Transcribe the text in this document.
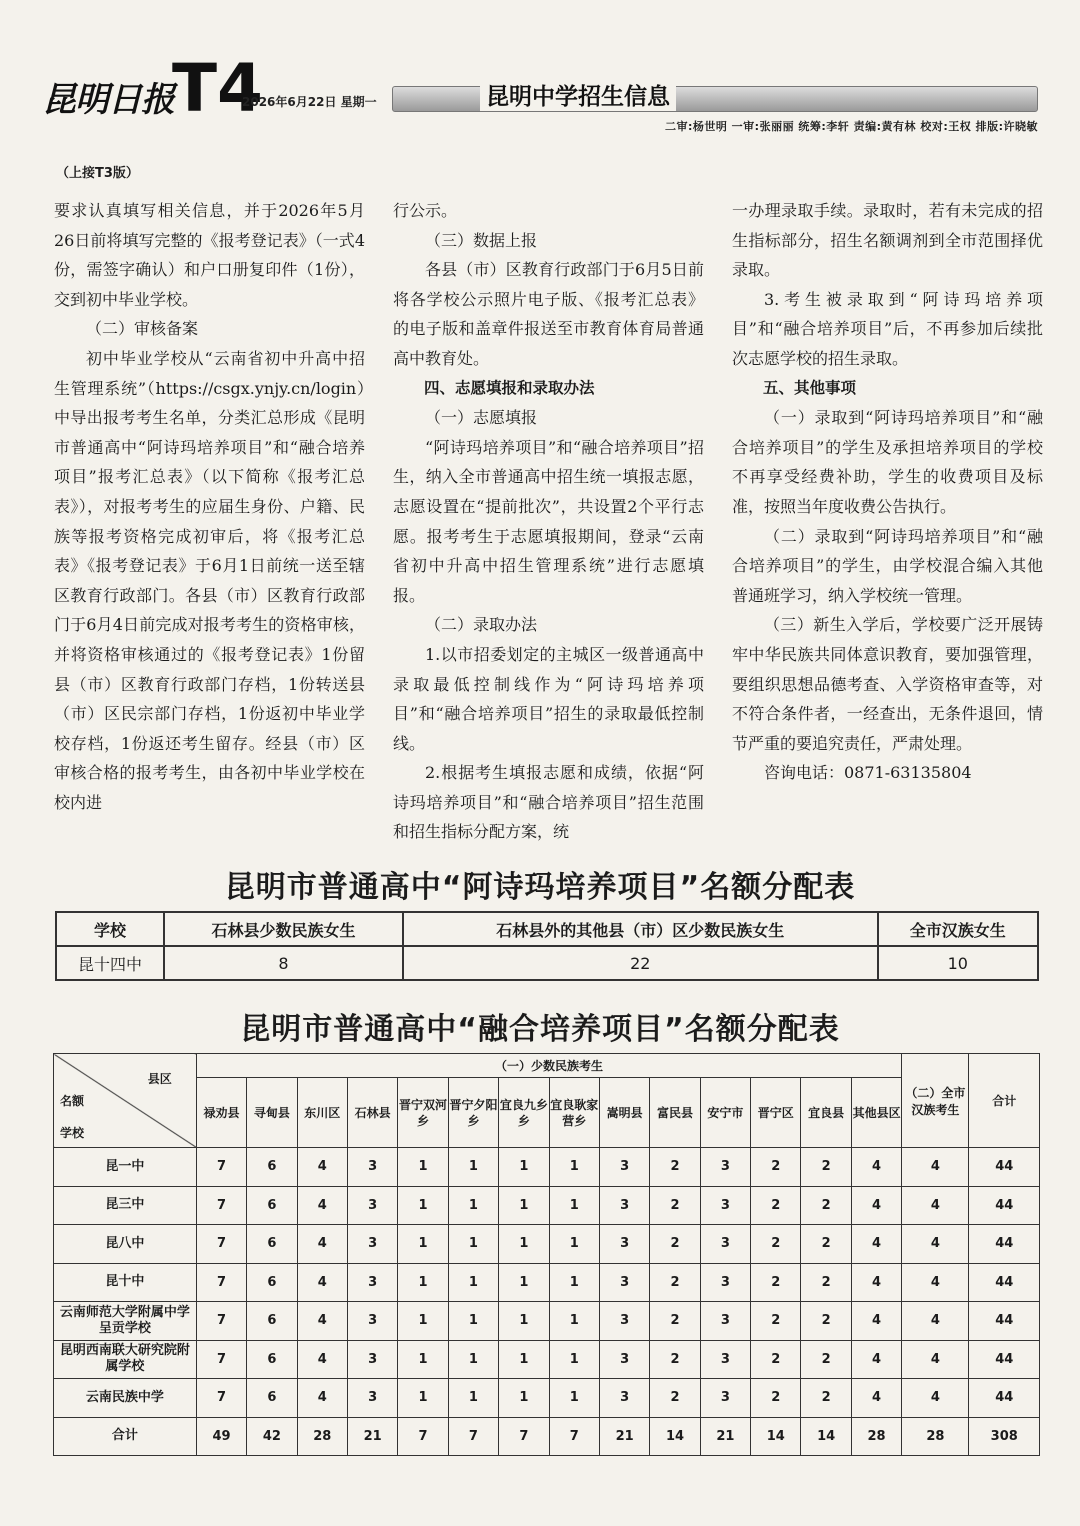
昆明日报
T4
2026年6月22日 星期一	昆明中学招生信息
二审:杨世明 一审:张丽丽 统筹:李轩 责编:黄有林 校对:王权 排版:许晓敏
（上接T3版）

要求认真填写相关信息，并于2026年5月26日前将填写完整的《报考登记表》（一式4份，需签字确认）和户口册复印件（1份），交到初中毕业学校。

（二）审核备案

初中毕业学校从“云南省初中升高中招生管理系统”（https://csgx.ynjy.cn/login）中导出报考考生名单，分类汇总形成《昆明市普通高中“阿诗玛培养项目”和“融合培养项目”报考汇总表》（以下简称《报考汇总表》），对报考考生的应届生身份、户籍、民族等报考资格完成初审后，将《报考汇总表》《报考登记表》于6月1日前统一送至辖区教育行政部门。各县（市）区教育行政部门于6月4日前完成对报考考生的资格审核，并将资格审核通过的《报考登记表》1份留县（市）区教育行政部门存档，1份转送县（市）区民宗部门存档，1份返初中毕业学校存档，1份返还考生留存。经县（市）区审核合格的报考考生，由各初中毕业学校在校内进

行公示。

（三）数据上报

各县（市）区教育行政部门于6月5日前将各学校公示照片电子版、《报考汇总表》的电子版和盖章件报送至市教育体育局普通高中教育处。

四、志愿填报和录取办法

（一）志愿填报

“阿诗玛培养项目”和“融合培养项目”招生，纳入全市普通高中招生统一填报志愿，志愿设置在“提前批次”，共设置2个平行志愿。报考考生于志愿填报期间，登录“云南省初中升高中招生管理系统”进行志愿填报。

（二）录取办法

1.以市招委划定的主城区一级普通高中录取最低控制线作为“阿诗玛培养项目”和“融合培养项目”招生的录取最低控制线。

2.根据考生填报志愿和成绩，依据“阿诗玛培养项目”和“融合培养项目”招生范围和招生指标分配方案，统

一办理录取手续。录取时，若有未完成的招生指标部分，招生名额调剂到全市范围择优录取。

3.考生被录取到“阿诗玛培养项目”和“融合培养项目”后，不再参加后续批次志愿学校的招生录取。

五、其他事项

（一）录取到“阿诗玛培养项目”和“融合培养项目”的学生及承担培养项目的学校不再享受经费补助，学生的收费项目及标准，按照当年度收费公告执行。

（二）录取到“阿诗玛培养项目”和“融合培养项目”的学生，由学校混合编入其他普通班学习，纳入学校统一管理。

（三）新生入学后，学校要广泛开展铸牢中华民族共同体意识教育，要加强管理，要组织思想品德考查、入学资格审查等，对不符合条件者，一经查出，无条件退回，情节严重的要追究责任，严肃处理。

咨询电话：0871-63135804

昆明市普通高中“阿诗玛培养项目”名额分配表
学校	石林县少数民族女生	石林县外的其他县（市）区少数民族女生	全市汉族女生
昆十四中	8	22	10
昆明市普通高中“融合培养项目”名额分配表
县区
名额
学校	（一）少数民族考生														（二）全市汉族考生	合计
	禄劝县	寻甸县	东川区	石林县	晋宁双河乡	晋宁夕阳乡	宜良九乡乡	宜良耿家营乡	嵩明县	富民县	安宁市	晋宁区	宜良县	其他县区		
昆一中	7	6	4	3	1	1	1	1	3	2	3	2	2	4	4	44
昆三中	7	6	4	3	1	1	1	1	3	2	3	2	2	4	4	44
昆八中	7	6	4	3	1	1	1	1	3	2	3	2	2	4	4	44
昆十中	7	6	4	3	1	1	1	1	3	2	3	2	2	4	4	44
云南师范大学附属中学呈贡学校	7	6	4	3	1	1	1	1	3	2	3	2	2	4	4	44
昆明西南联大研究院附属学校	7	6	4	3	1	1	1	1	3	2	3	2	2	4	4	44
云南民族中学	7	6	4	3	1	1	1	1	3	2	3	2	2	4	4	44
合计	49	42	28	21	7	7	7	7	21	14	21	14	14	28	28	308
